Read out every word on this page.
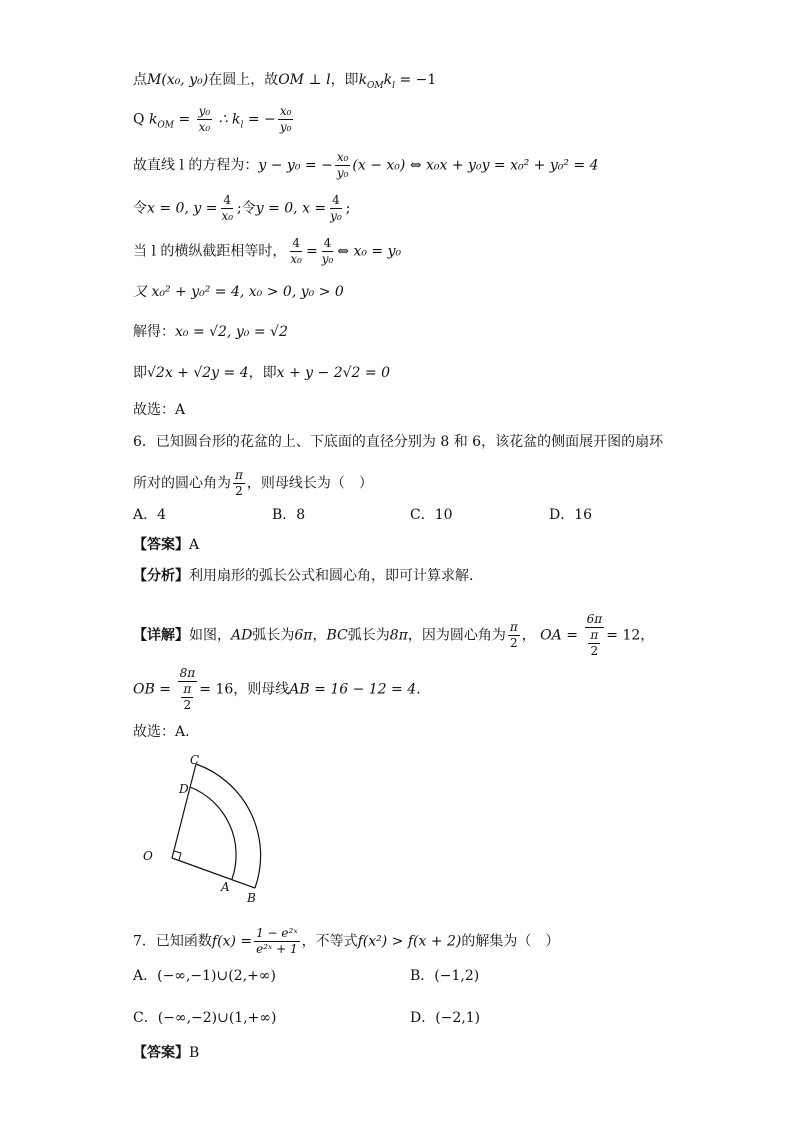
点M(x₀, y₀)在圆上，故OM ⊥ l，即$k_{OM}k_l = -1$
Q $k_{OM} = \frac{\text{y₀}}{\text{x₀}}$ ∴ $k_l$ = − $\frac{\text{x₀}}{\text{y₀}}$
故直线 l 的方程为：y − y₀ = − $\frac{\text{x₀}}{\text{y₀}} (x - x_0)$ ⇔ x₀x + y₀y = x₀² + y₀² = 4
令x = 0, $y = \frac{4}{\text{x₀}}$ ;令y = 0, $x = \frac{4}{\text{y₀}}$ ;
当 l 的横纵截距相等时， $\frac{4}{\text{x₀}} = \frac{4}{\text{y₀}}$ ⇔ x₀ = y₀
又 x₀² + y₀² = 4, x₀ > 0, y₀ > 0
解得：x₀ = √2, y₀ = √2
即√2x + √2y = 4，即x + y − 2√2 = 0
故选：A
6．已知圆台形的花盆的上、下底面的直径分别为 8 和 6，该花盆的侧面展开图的扇环
所对的圆心角为 $\frac{\pi}{2}$ ，则母线长为（　）
A．4	B．8	C．10	D．16
【答案】A
【分析】利用扇形的弧长公式和圆心角，即可计算求解.
【详解】如图，AD弧长为6π，BC弧长为8π，因为圆心角为 $\frac{\pi}{2}$ ， OA = $\frac{6\pi}{\frac{\pi}{2}} = 12$，
OB = $\frac{8\pi}{\frac{\pi}{2}} = 16$，则母线AB = 16 − 12 = 4.
故选：A.
C
D
O
A
B
7．已知函数$f(x) = \frac{\text{1 − e²ˣ}}{\text{e²ˣ + 1}}$ ，不等式f(x²) > f(x + 2)的解集为（　）
A．(−∞,−1)∪(2,+∞)	B．(−1,2)
C．(−∞,−2)∪(1,+∞)	D．(−2,1)
【答案】B
